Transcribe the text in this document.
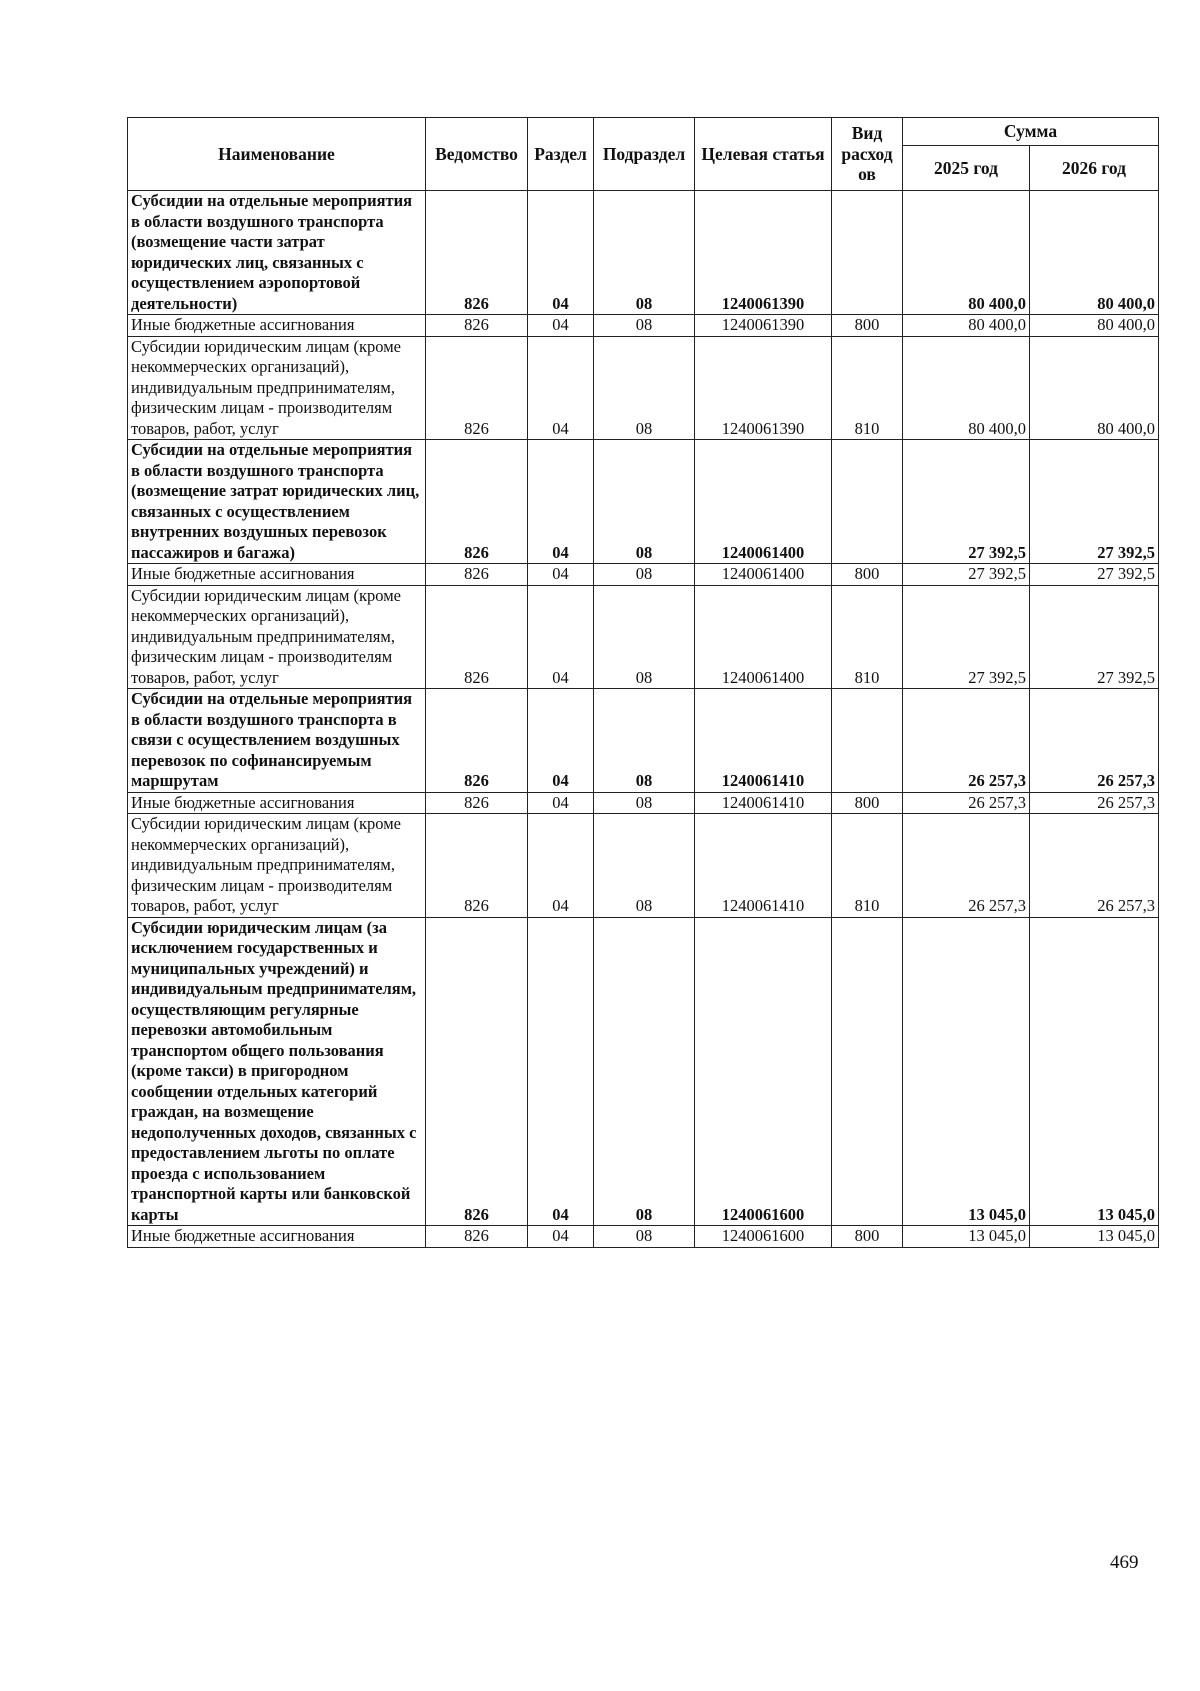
Наименование	Ведомство	Раздел	Подраздел	Целевая статья	Вид расход ов	Сумма	
						2025 год	2026 год
Субсидии на отдельные мероприятия в области воздушного транспорта (возмещение части затрат юридических лиц, связанных с осуществлением аэропортовой деятельности)	826	04	08	1240061390		80 400,0	80 400,0
Иные бюджетные ассигнования	826	04	08	1240061390	800	80 400,0	80 400,0
Субсидии юридическим лицам (кроме некоммерческих организаций), индивидуальным предпринимателям, физическим лицам - производителям товаров, работ, услуг	826	04	08	1240061390	810	80 400,0	80 400,0
Субсидии на отдельные мероприятия в области воздушного транспорта (возмещение затрат юридических лиц, связанных с осуществлением внутренних воздушных перевозок пассажиров и багажа)	826	04	08	1240061400		27 392,5	27 392,5
Иные бюджетные ассигнования	826	04	08	1240061400	800	27 392,5	27 392,5
Субсидии юридическим лицам (кроме некоммерческих организаций), индивидуальным предпринимателям, физическим лицам - производителям товаров, работ, услуг	826	04	08	1240061400	810	27 392,5	27 392,5
Субсидии на отдельные мероприятия в области воздушного транспорта в связи с осуществлением воздушных перевозок по софинансируемым маршрутам	826	04	08	1240061410		26 257,3	26 257,3
Иные бюджетные ассигнования	826	04	08	1240061410	800	26 257,3	26 257,3
Субсидии юридическим лицам (кроме некоммерческих организаций), индивидуальным предпринимателям, физическим лицам - производителям товаров, работ, услуг	826	04	08	1240061410	810	26 257,3	26 257,3
Субсидии юридическим лицам (за исключением государственных и муниципальных учреждений) и индивидуальным предпринимателям, осуществляющим регулярные перевозки автомобильным транспортом общего пользования (кроме такси) в пригородном сообщении отдельных категорий граждан, на возмещение недополученных доходов, связанных с предоставлением льготы по оплате проезда с использованием транспортной карты или банковской карты	826	04	08	1240061600		13 045,0	13 045,0
Иные бюджетные ассигнования	826	04	08	1240061600	800	13 045,0	13 045,0
469
